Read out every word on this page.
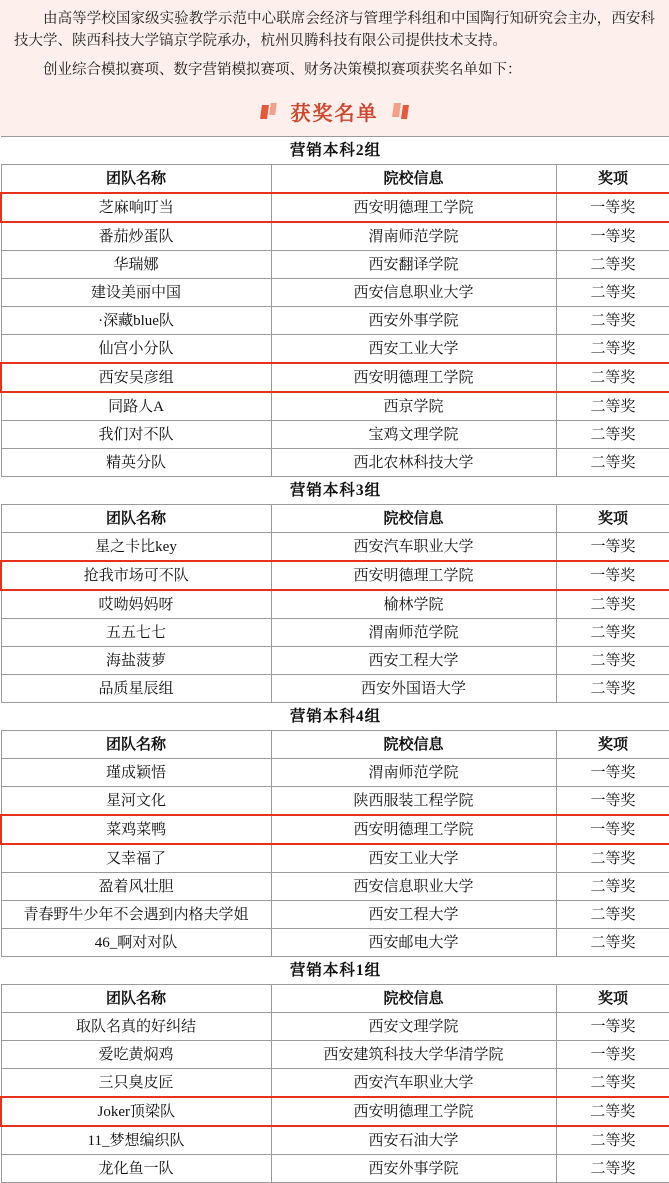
由高等学校国家级实验教学示范中心联席会经济与管理学科组和中国陶行知研究会主办，西安科技大学、陕西科技大学镐京学院承办，杭州贝腾科技有限公司提供技术支持。

创业综合模拟赛项、数字营销模拟赛项、财务决策模拟赛项获奖名单如下：

获奖名单
营销本科2组		
团队名称	院校信息	奖项
芝麻响叮当	西安明德理工学院	一等奖
番茄炒蛋队	渭南师范学院	一等奖
华瑞娜	西安翻译学院	二等奖
建设美丽中国	西安信息职业大学	二等奖
·深藏blue队	西安外事学院	二等奖
仙宫小分队	西安工业大学	二等奖
西安吴彦组	西安明德理工学院	二等奖
同路人A	西京学院	二等奖
我们对不队	宝鸡文理学院	二等奖
精英分队	西北农林科技大学	二等奖
营销本科3组		
团队名称	院校信息	奖项
星之卡比key	西安汽车职业大学	一等奖
抢我市场可不队	西安明德理工学院	一等奖
哎呦妈妈呀	榆林学院	二等奖
五五七七	渭南师范学院	二等奖
海盐菠萝	西安工程大学	二等奖
品质星辰组	西安外国语大学	二等奖
营销本科4组		
团队名称	院校信息	奖项
瑾成颖悟	渭南师范学院	一等奖
星河文化	陕西服装工程学院	一等奖
菜鸡菜鸭	西安明德理工学院	一等奖
又幸福了	西安工业大学	二等奖
盈着风壮胆	西安信息职业大学	二等奖
青春野牛少年不会遇到内格夫学姐	西安工程大学	二等奖
46_啊对对队	西安邮电大学	二等奖
营销本科1组		
团队名称	院校信息	奖项
取队名真的好纠结	西安文理学院	一等奖
爱吃黄焖鸡	西安建筑科技大学华清学院	一等奖
三只臭皮匠	西安汽车职业大学	二等奖
Joker顶梁队	西安明德理工学院	二等奖
11_梦想编织队	西安石油大学	二等奖
龙化鱼一队	西安外事学院	二等奖
